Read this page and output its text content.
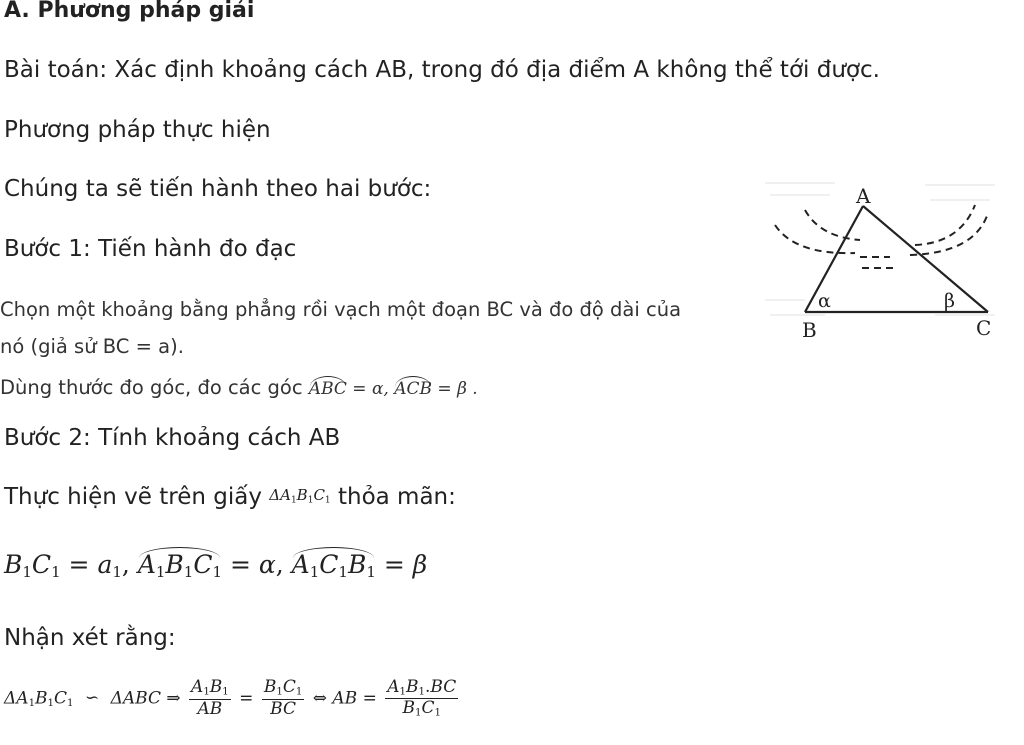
A. Phương pháp giải
Bài toán: Xác định khoảng cách AB, trong đó địa điểm A không thể tới được.
Phương pháp thực hiện
Chúng ta sẽ tiến hành theo hai bước:
Bước 1: Tiến hành đo đạc
Chọn một khoảng bằng phẳng rồi vạch một đoạn BC và đo độ dài của
nó (giả sử BC = a).
Dùng thước đo góc, đo các góc ABC = α, ACB = β .
Bước 2: Tính khoảng cách AB
Thực hiện vẽ trên giấy $\Delta A_1B_1C_1$ thỏa mãn:
$B_1C_1 = a_1$, $A_1B_1C_1 = \alpha$, $A_1C_1B_1 = \beta$
Nhận xét rằng:
$\Delta A_1B_1C_1$ ∽ ΔABC ⇒ $\frac{A_1B_1}{AB} = \frac{B_1C_1}{BC}$ ⇔ AB = $\frac{A_1B_1.BC}{B_1C_1}$
A
B	C
α	β
